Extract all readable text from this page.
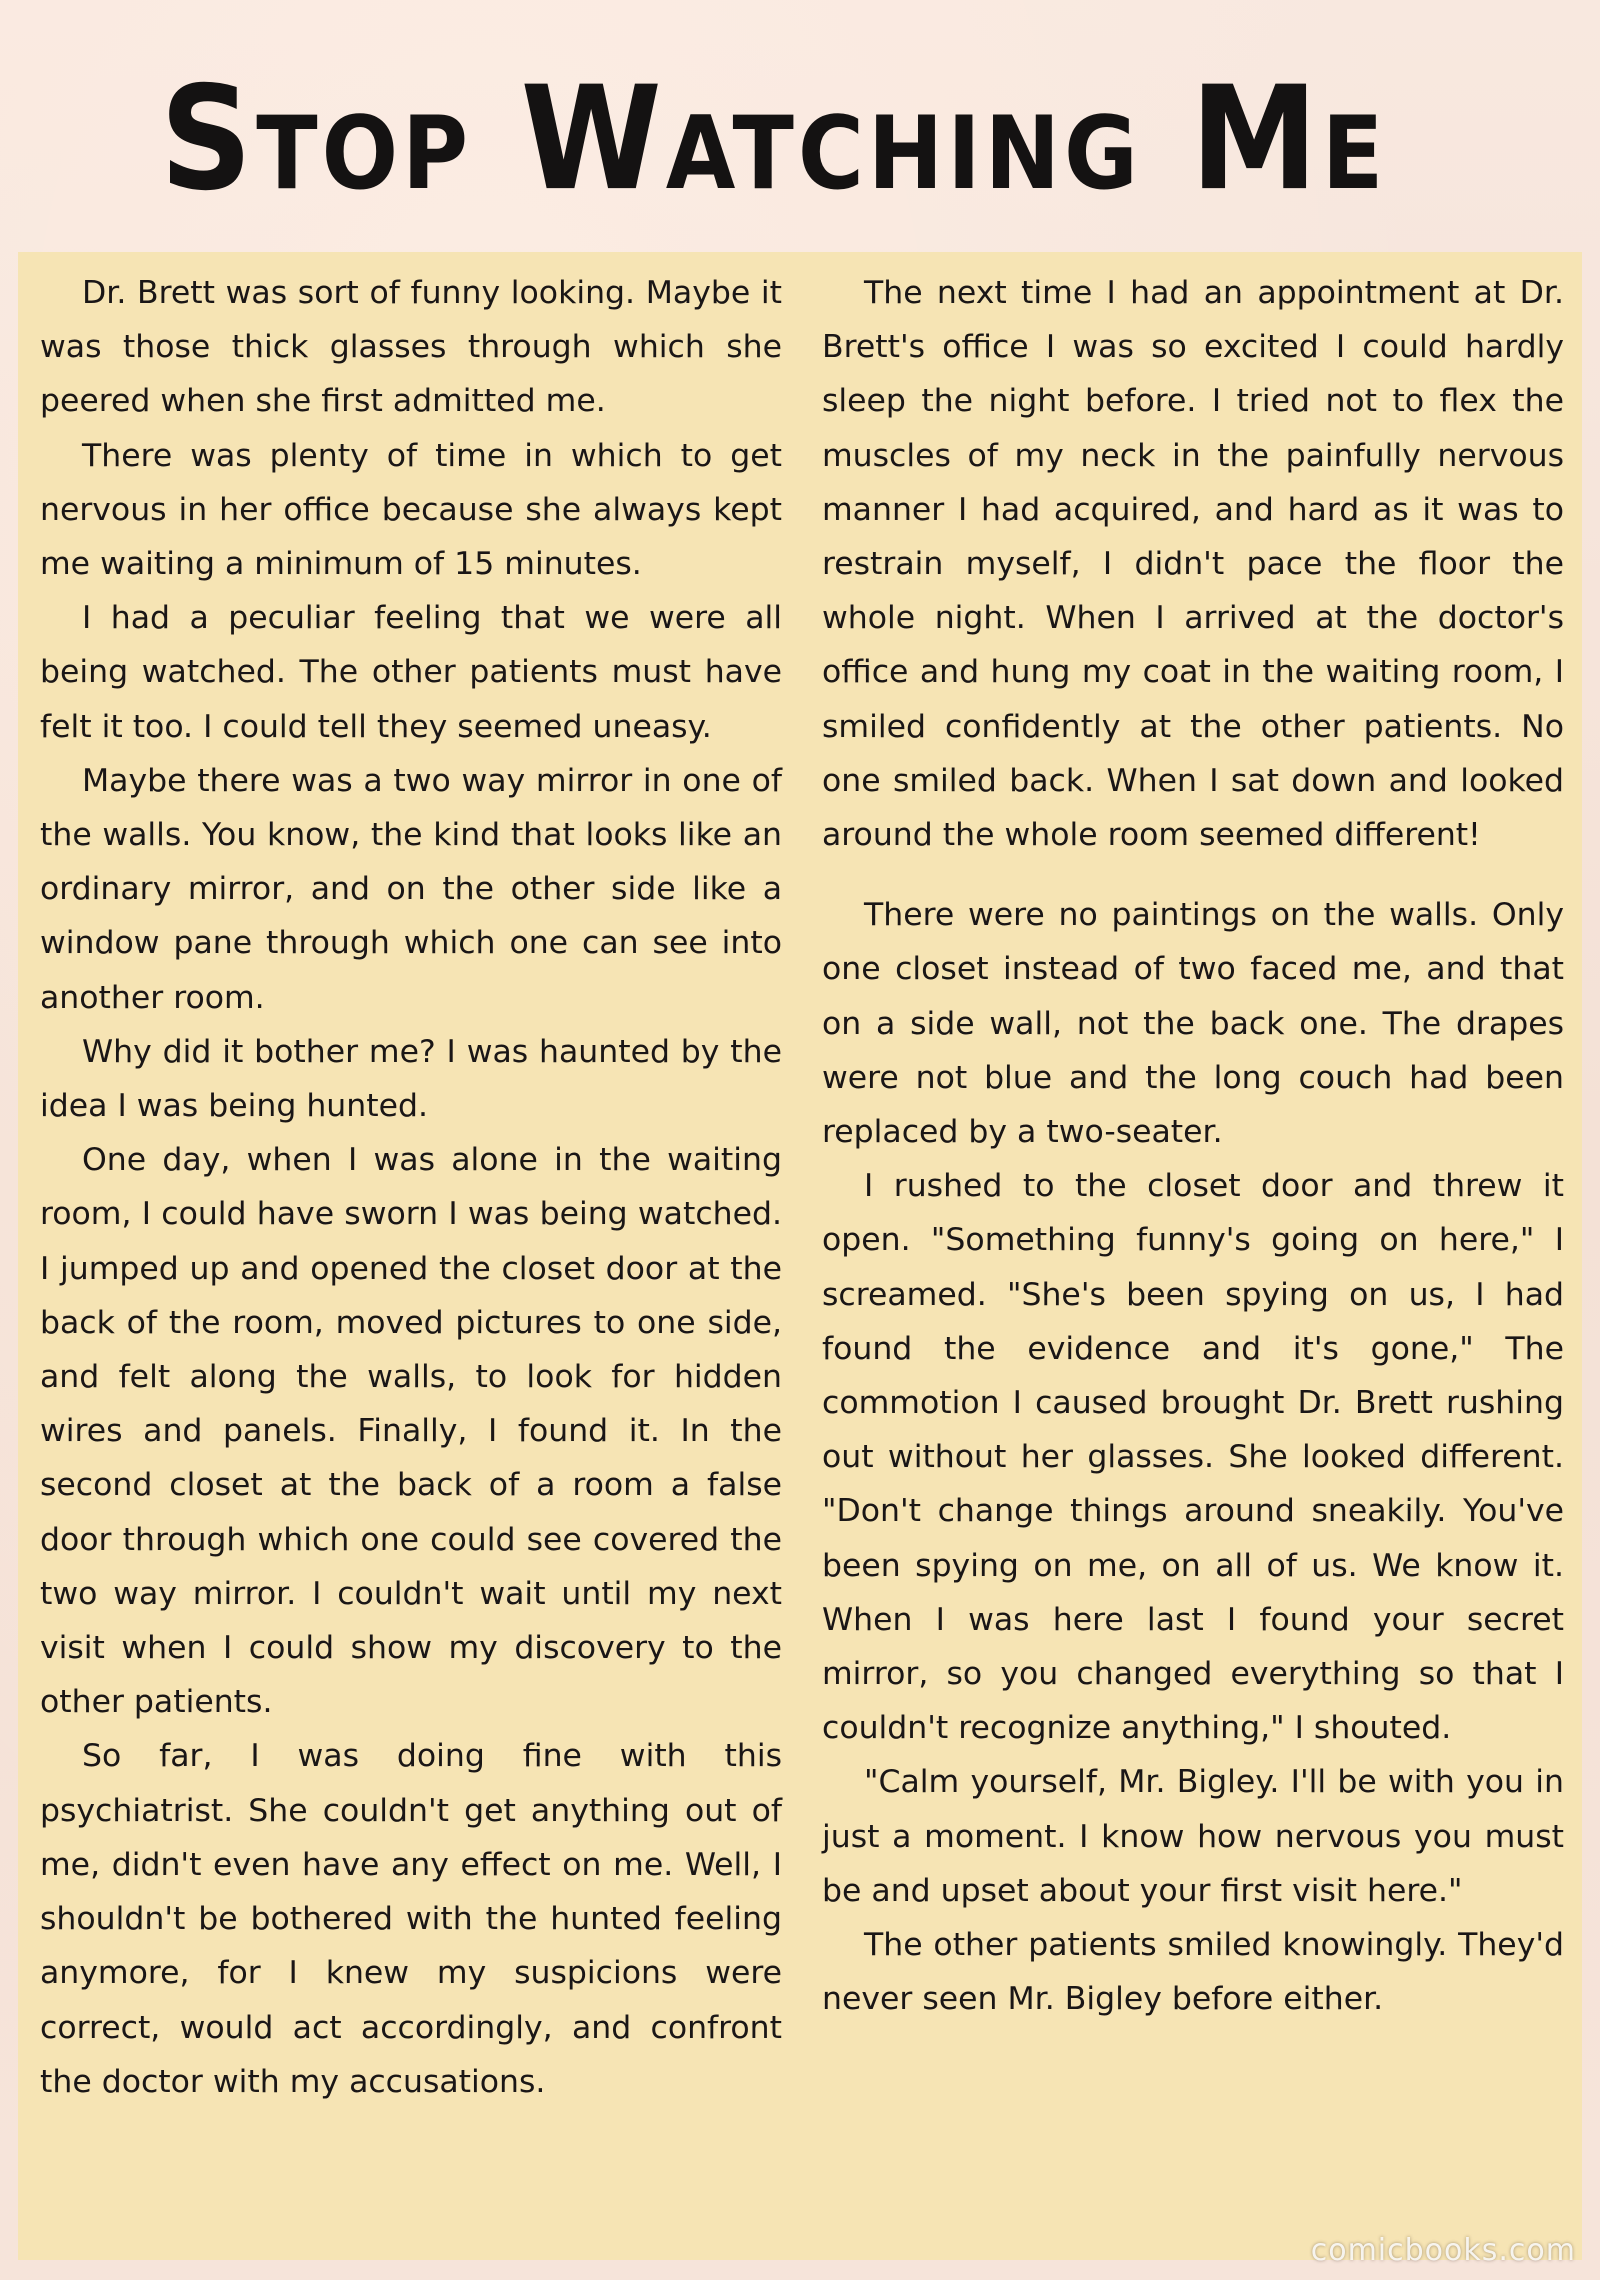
Stop Watching Me

Dr. Brett was sort of funny looking. Maybe it was those thick glasses through which she peered when she first admitted me.

There was plenty of time in which to get nervous in her office because she always kept me waiting a minimum of 15 minutes.

I had a peculiar feeling that we were all being watched. The other patients must have felt it too. I could tell they seemed uneasy.

Maybe there was a two way mirror in one of the walls. You know, the kind that looks like an ordinary mirror, and on the other side like a window pane through which one can see into another room.

Why did it bother me? I was haunted by the idea I was being hunted.

One day, when I was alone in the waiting room, I could have sworn I was being watched. I jumped up and opened the closet door at the back of the room, moved pictures to one side, and felt along the walls, to look for hidden wires and panels. Finally, I found it. In the second closet at the back of a room a false door through which one could see covered the two way mirror. I couldn't wait until my next visit when I could show my discovery to the other patients.

So far, I was doing fine with this psychiatrist. She couldn't get anything out of me, didn't even have any effect on me. Well, I shouldn't be bothered with the hunted feeling anymore, for I knew my suspicions were correct, would act accordingly, and confront the doctor with my accusations.

The next time I had an appointment at Dr. Brett's office I was so excited I could hardly sleep the night before. I tried not to flex the muscles of my neck in the painfully nervous manner I had acquired, and hard as it was to restrain myself, I didn't pace the floor the whole night. When I arrived at the doctor's office and hung my coat in the waiting room, I smiled confidently at the other patients. No one smiled back. When I sat down and looked around the whole room seemed different!

There were no paintings on the walls. Only one closet instead of two faced me, and that on a side wall, not the back one. The drapes were not blue and the long couch had been replaced by a two-seater.

I rushed to the closet door and threw it open. "Something funny's going on here," I screamed. "She's been spying on us, I had found the evidence and it's gone," The commotion I caused brought Dr. Brett rushing out without her glasses. She looked different. "Don't change things around sneakily. You've been spying on me, on all of us. We know it. When I was here last I found your secret mirror, so you changed everything so that I couldn't recognize anything," I shouted.

"Calm yourself, Mr. Bigley. I'll be with you in just a moment. I know how nervous you must be and upset about your first visit here."

The other patients smiled knowingly. They'd never seen Mr. Bigley before either.

comicbooks.com
